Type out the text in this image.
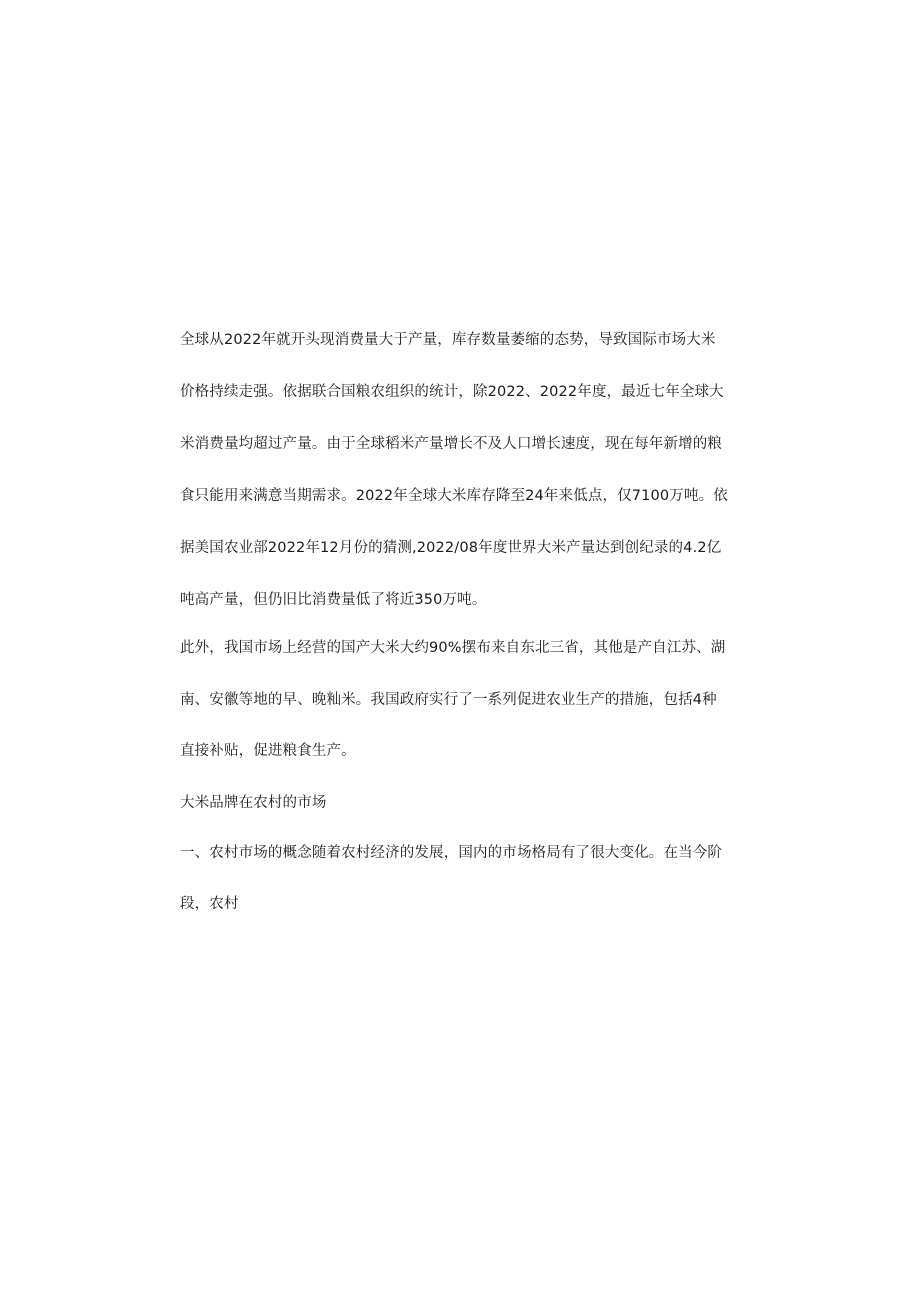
全球从2022年就开头现消费量大于产量，库存数量萎缩的态势，导致国际市场大米
价格持续走强。依据联合国粮农组织的统计，除2022、2022年度，最近七年全球大
米消费量均超过产量。由于全球稻米产量增长不及人口增长速度，现在每年新增的粮
食只能用来满意当期需求。2022年全球大米库存降至24年来低点，仅7100万吨。依
据美国农业部2022年12月份的猜测,2022/08年度世界大米产量达到创纪录的4.2亿
吨高产量，但仍旧比消费量低了将近350万吨。
此外，我国市场上经营的国产大米大约90%摆布来自东北三省，其他是产自江苏、湖
南、安徽等地的早、晚籼米。我国政府实行了一系列促进农业生产的措施，包括4种
直接补贴，促进粮食生产。
大米品牌在农村的市场
一、农村市场的概念随着农村经济的发展，国内的市场格局有了很大变化。在当今阶
段，农村
